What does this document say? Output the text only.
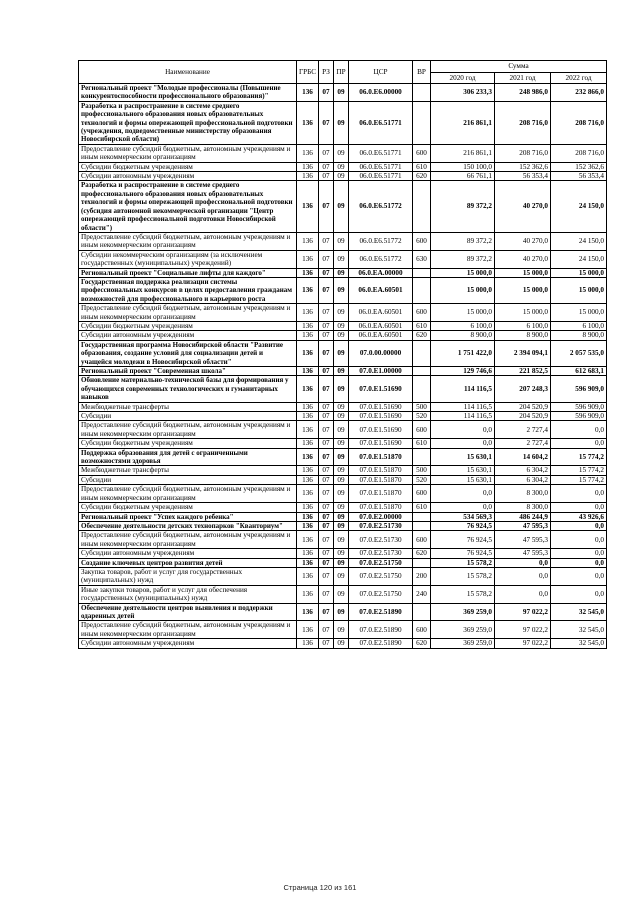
Наименование	ГРБС	РЗ	ПР	ЦСР	ВР	Сумма		
						2020 год	2021 год	2022 год
Региональный проект "Молодые профессионалы (Повышение конкурентоспособности профессионального образования)"	136	07	09	06.0.E6.00000		306 233,3	248 986,0	232 866,0
Разработка и распространение в системе среднего профессионального образования новых образовательных технологий и формы опережающей профессиональной подготовки (учреждения, подведомственные министерству образования Новосибирской области)	136	07	09	06.0.E6.51771		216 861,1	208 716,0	208 716,0
Предоставление субсидий бюджетным, автономным учреждениям и иным некоммерческим организациям	136	07	09	06.0.E6.51771	600	216 861,1	208 716,0	208 716,0
Субсидии бюджетным учреждениям	136	07	09	06.0.E6.51771	610	150 100,0	152 362,6	152 362,6
Субсидии автономным учреждениям	136	07	09	06.0.E6.51771	620	66 761,1	56 353,4	56 353,4
Разработка и распространение в системе среднего профессионального образования новых образовательных технологий и формы опережающей профессиональной подготовки (субсидия автономной некоммерческой организации "Центр опережающей профессиональной подготовки Новосибирской области")	136	07	09	06.0.E6.51772		89 372,2	40 270,0	24 150,0
Предоставление субсидий бюджетным, автономным учреждениям и иным некоммерческим организациям	136	07	09	06.0.E6.51772	600	89 372,2	40 270,0	24 150,0
Субсидии некоммерческим организациям (за исключением государственных (муниципальных) учреждений)	136	07	09	06.0.E6.51772	630	89 372,2	40 270,0	24 150,0
Региональный проект "Социальные лифты для каждого"	136	07	09	06.0.EA.00000		15 000,0	15 000,0	15 000,0
Государственная поддержка реализации системы профессиональных конкурсов в целях предоставления гражданам возможностей для профессионального и карьерного роста	136	07	09	06.0.EA.60501		15 000,0	15 000,0	15 000,0
Предоставление субсидий бюджетным, автономным учреждениям и иным некоммерческим организациям	136	07	09	06.0.EA.60501	600	15 000,0	15 000,0	15 000,0
Субсидии бюджетным учреждениям	136	07	09	06.0.EA.60501	610	6 100,0	6 100,0	6 100,0
Субсидии автономным учреждениям	136	07	09	06.0.EA.60501	620	8 900,0	8 900,0	8 900,0
Государственная программа Новосибирской области "Развитие образования, создание условий для социализации детей и учащейся молодежи в Новосибирской области"	136	07	09	07.0.00.00000		1 751 422,0	2 394 094,1	2 057 535,0
Региональный проект "Современная школа"	136	07	09	07.0.E1.00000		129 746,6	221 852,5	612 683,1
Обновление материально-технической базы для формирования у обучающихся современных технологических и гуманитарных навыков	136	07	09	07.0.E1.51690		114 116,5	207 248,3	596 909,0
Межбюджетные трансферты	136	07	09	07.0.E1.51690	500	114 116,5	204 520,9	596 909,0
Субсидии	136	07	09	07.0.E1.51690	520	114 116,5	204 520,9	596 909,0
Предоставление субсидий бюджетным, автономным учреждениям и иным некоммерческим организациям	136	07	09	07.0.E1.51690	600	0,0	2 727,4	0,0
Субсидии бюджетным учреждениям	136	07	09	07.0.E1.51690	610	0,0	2 727,4	0,0
Поддержка образования для детей с ограниченными возможностями здоровья	136	07	09	07.0.E1.51870		15 630,1	14 604,2	15 774,2
Межбюджетные трансферты	136	07	09	07.0.E1.51870	500	15 630,1	6 304,2	15 774,2
Субсидии	136	07	09	07.0.E1.51870	520	15 630,1	6 304,2	15 774,2
Предоставление субсидий бюджетным, автономным учреждениям и иным некоммерческим организациям	136	07	09	07.0.E1.51870	600	0,0	8 300,0	0,0
Субсидии бюджетным учреждениям	136	07	09	07.0.E1.51870	610	0,0	8 300,0	0,0
Региональный проект "Успех каждого ребенка"	136	07	09	07.0.E2.00000		534 569,3	486 244,9	43 926,6
Обеспечение деятельности детских технопарков "Кванториум"	136	07	09	07.0.E2.51730		76 924,5	47 595,3	0,0
Предоставление субсидий бюджетным, автономным учреждениям и иным некоммерческим организациям	136	07	09	07.0.E2.51730	600	76 924,5	47 595,3	0,0
Субсидии автономным учреждениям	136	07	09	07.0.E2.51730	620	76 924,5	47 595,3	0,0
Создание ключевых центров развития детей	136	07	09	07.0.E2.51750		15 578,2	0,0	0,0
Закупка товаров, работ и услуг для государственных (муниципальных) нужд	136	07	09	07.0.E2.51750	200	15 578,2	0,0	0,0
Иные закупки товаров, работ и услуг для обеспечения государственных (муниципальных) нужд	136	07	09	07.0.E2.51750	240	15 578,2	0,0	0,0
Обеспечение деятельности центров выявления и поддержки одаренных детей	136	07	09	07.0.E2.51890		369 259,0	97 022,2	32 545,0
Предоставление субсидий бюджетным, автономным учреждениям и иным некоммерческим организациям	136	07	09	07.0.E2.51890	600	369 259,0	97 022,2	32 545,0
Субсидии автономным учреждениям	136	07	09	07.0.E2.51890	620	369 259,0	97 022,2	32 545,0
Страница 120 из 161
